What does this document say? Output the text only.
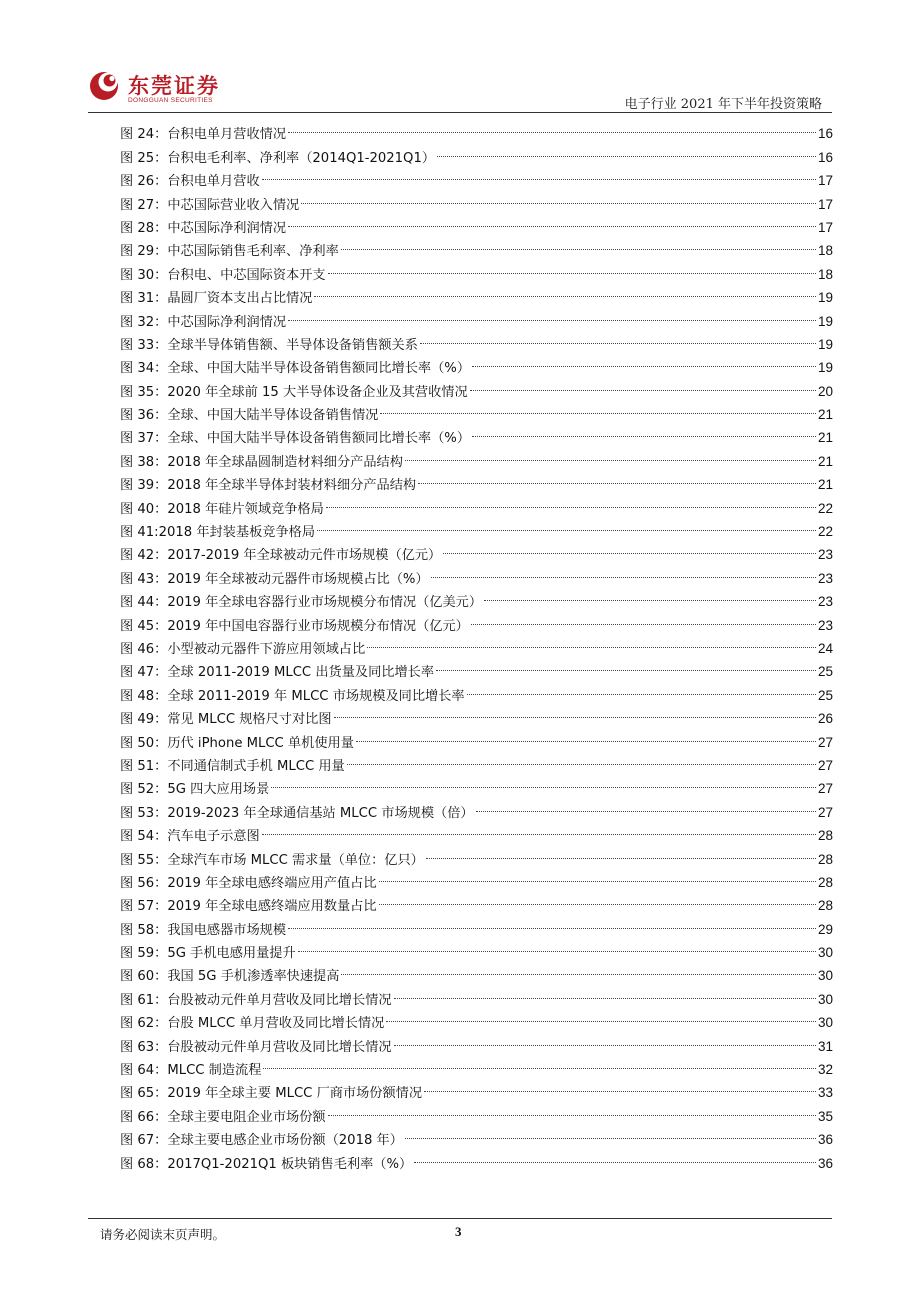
东莞证券
DONGGUAN SECURITIES	电子行业 2021 年下半年投资策略
图 24：台积电单月营收情况	16
图 25：台积电毛利率、净利率（2014Q1-2021Q1）	16
图 26：台积电单月营收	17
图 27：中芯国际营业收入情况	17
图 28：中芯国际净利润情况	17
图 29：中芯国际销售毛利率、净利率	18
图 30：台积电、中芯国际资本开支	18
图 31：晶圆厂资本支出占比情况	19
图 32：中芯国际净利润情况	19
图 33：全球半导体销售额、半导体设备销售额关系	19
图 34：全球、中国大陆半导体设备销售额同比增长率（%）	19
图 35：2020 年全球前 15 大半导体设备企业及其营收情况	20
图 36：全球、中国大陆半导体设备销售情况	21
图 37：全球、中国大陆半导体设备销售额同比增长率（%）	21
图 38：2018 年全球晶圆制造材料细分产品结构	21
图 39：2018 年全球半导体封装材料细分产品结构	21
图 40：2018 年硅片领域竞争格局	22
图 41:2018 年封装基板竞争格局	22
图 42：2017-2019 年全球被动元件市场规模（亿元）	23
图 43：2019 年全球被动元器件市场规模占比（%）	23
图 44：2019 年全球电容器行业市场规模分布情况（亿美元）	23
图 45：2019 年中国电容器行业市场规模分布情况（亿元）	23
图 46：小型被动元器件下游应用领域占比	24
图 47：全球 2011-2019 MLCC 出货量及同比增长率	25
图 48：全球 2011-2019 年 MLCC 市场规模及同比增长率	25
图 49：常见 MLCC 规格尺寸对比图	26
图 50：历代 iPhone MLCC 单机使用量	27
图 51：不同通信制式手机 MLCC 用量	27
图 52：5G 四大应用场景	27
图 53：2019-2023 年全球通信基站 MLCC 市场规模（倍）	27
图 54：汽车电子示意图	28
图 55：全球汽车市场 MLCC 需求量（单位：亿只）	28
图 56：2019 年全球电感终端应用产值占比	28
图 57：2019 年全球电感终端应用数量占比	28
图 58：我国电感器市场规模	29
图 59：5G 手机电感用量提升	30
图 60：我国 5G 手机渗透率快速提高	30
图 61：台股被动元件单月营收及同比增长情况	30
图 62：台股 MLCC 单月营收及同比增长情况	30
图 63：台股被动元件单月营收及同比增长情况	31
图 64：MLCC 制造流程	32
图 65：2019 年全球主要 MLCC 厂商市场份额情况	33
图 66：全球主要电阻企业市场份额	35
图 67：全球主要电感企业市场份额（2018 年）	36
图 68：2017Q1-2021Q1 板块销售毛利率（%）	36
请务必阅读末页声明。	3
